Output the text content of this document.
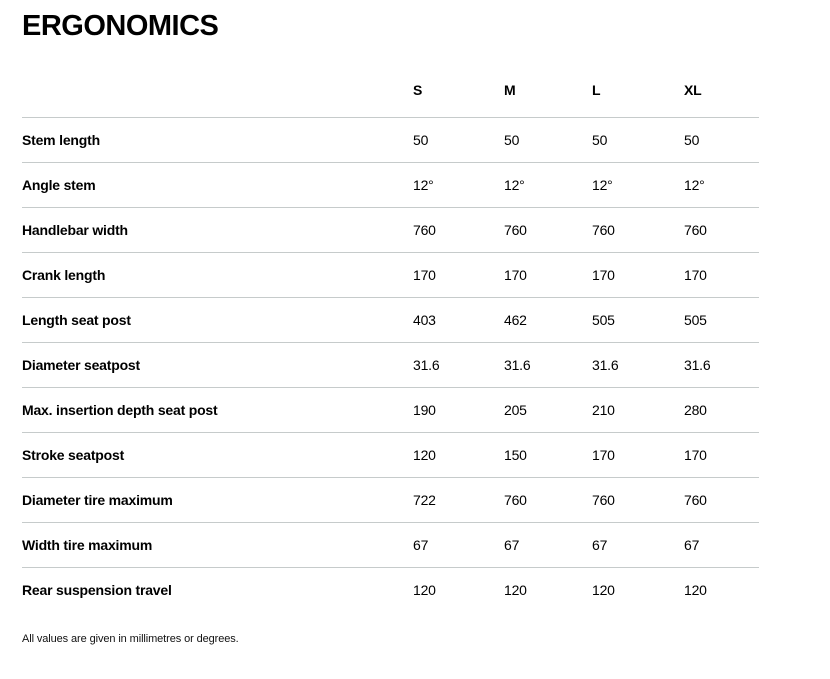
ERGONOMICS
	S	M	L	XL
Stem length	50	50	50	50
Angle stem	12°	12°	12°	12°
Handlebar width	760	760	760	760
Crank length	170	170	170	170
Length seat post	403	462	505	505
Diameter seatpost	31.6	31.6	31.6	31.6
Max. insertion depth seat post	190	205	210	280
Stroke seatpost	120	150	170	170
Diameter tire maximum	722	760	760	760
Width tire maximum	67	67	67	67
Rear suspension travel	120	120	120	120

All values are given in millimetres or degrees.
